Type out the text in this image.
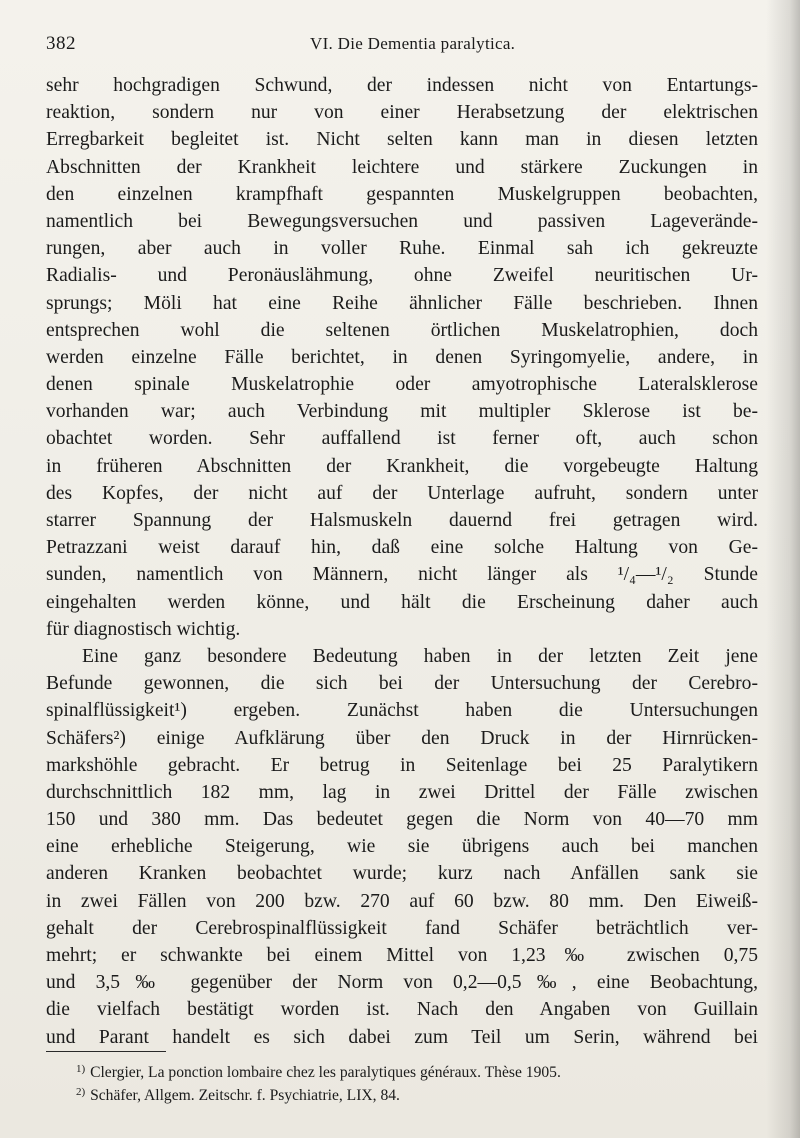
382	VI. Die Dementia paralytica.
sehr hochgradigen Schwund, der indessen nicht von Entartungs-
reaktion, sondern nur von einer Herabsetzung der elektrischen
Erregbarkeit begleitet ist. Nicht selten kann man in diesen letzten
Abschnitten der Krankheit leichtere und stärkere Zuckungen in
den einzelnen krampfhaft gespannten Muskelgruppen beobachten,
namentlich bei Bewegungsversuchen und passiven Lageverände-
rungen, aber auch in voller Ruhe. Einmal sah ich gekreuzte
Radialis- und Peronäuslähmung, ohne Zweifel neuritischen Ur-
sprungs; Möli hat eine Reihe ähnlicher Fälle beschrieben. Ihnen
entsprechen wohl die seltenen örtlichen Muskelatrophien, doch
werden einzelne Fälle berichtet, in denen Syringomyelie, andere, in
denen spinale Muskelatrophie oder amyotrophische Lateralsklerose
vorhanden war; auch Verbindung mit multipler Sklerose ist be-
obachtet worden. Sehr auffallend ist ferner oft, auch schon
in früheren Abschnitten der Krankheit, die vorgebeugte Haltung
des Kopfes, der nicht auf der Unterlage aufruht, sondern unter
starrer Spannung der Halsmuskeln dauernd frei getragen wird.
Petrazzani weist darauf hin, daß eine solche Haltung von Ge-
sunden, namentlich von Männern, nicht länger als ¹/₄—¹/₂ Stunde
eingehalten werden könne, und hält die Erscheinung daher auch
für diagnostisch wichtig.
Eine ganz besondere Bedeutung haben in der letzten Zeit jene
Befunde gewonnen, die sich bei der Untersuchung der Cerebro-
spinalflüssigkeit¹) ergeben. Zunächst haben die Untersuchungen
Schäfers²) einige Aufklärung über den Druck in der Hirnrücken-
markshöhle gebracht. Er betrug in Seitenlage bei 25 Paralytikern
durchschnittlich 182 mm, lag in zwei Drittel der Fälle zwischen
150 und 380 mm. Das bedeutet gegen die Norm von 40—70 mm
eine erhebliche Steigerung, wie sie übrigens auch bei manchen
anderen Kranken beobachtet wurde; kurz nach Anfällen sank sie
in zwei Fällen von 200 bzw. 270 auf 60 bzw. 80 mm. Den Eiweiß-
gehalt der Cerebrospinalflüssigkeit fand Schäfer beträchtlich ver-
mehrt; er schwankte bei einem Mittel von 1,23‰ zwischen 0,75
und 3,5‰ gegenüber der Norm von 0,2—0,5‰, eine Beobachtung,
die vielfach bestätigt worden ist. Nach den Angaben von Guillain
und Parant handelt es sich dabei zum Teil um Serin, während bei
$^{1)}$ Clergier, La ponction lombaire chez les paralytiques généraux. Thèse 1905.
$^{2)}$ Schäfer, Allgem. Zeitschr. f. Psychiatrie, LIX, 84.
